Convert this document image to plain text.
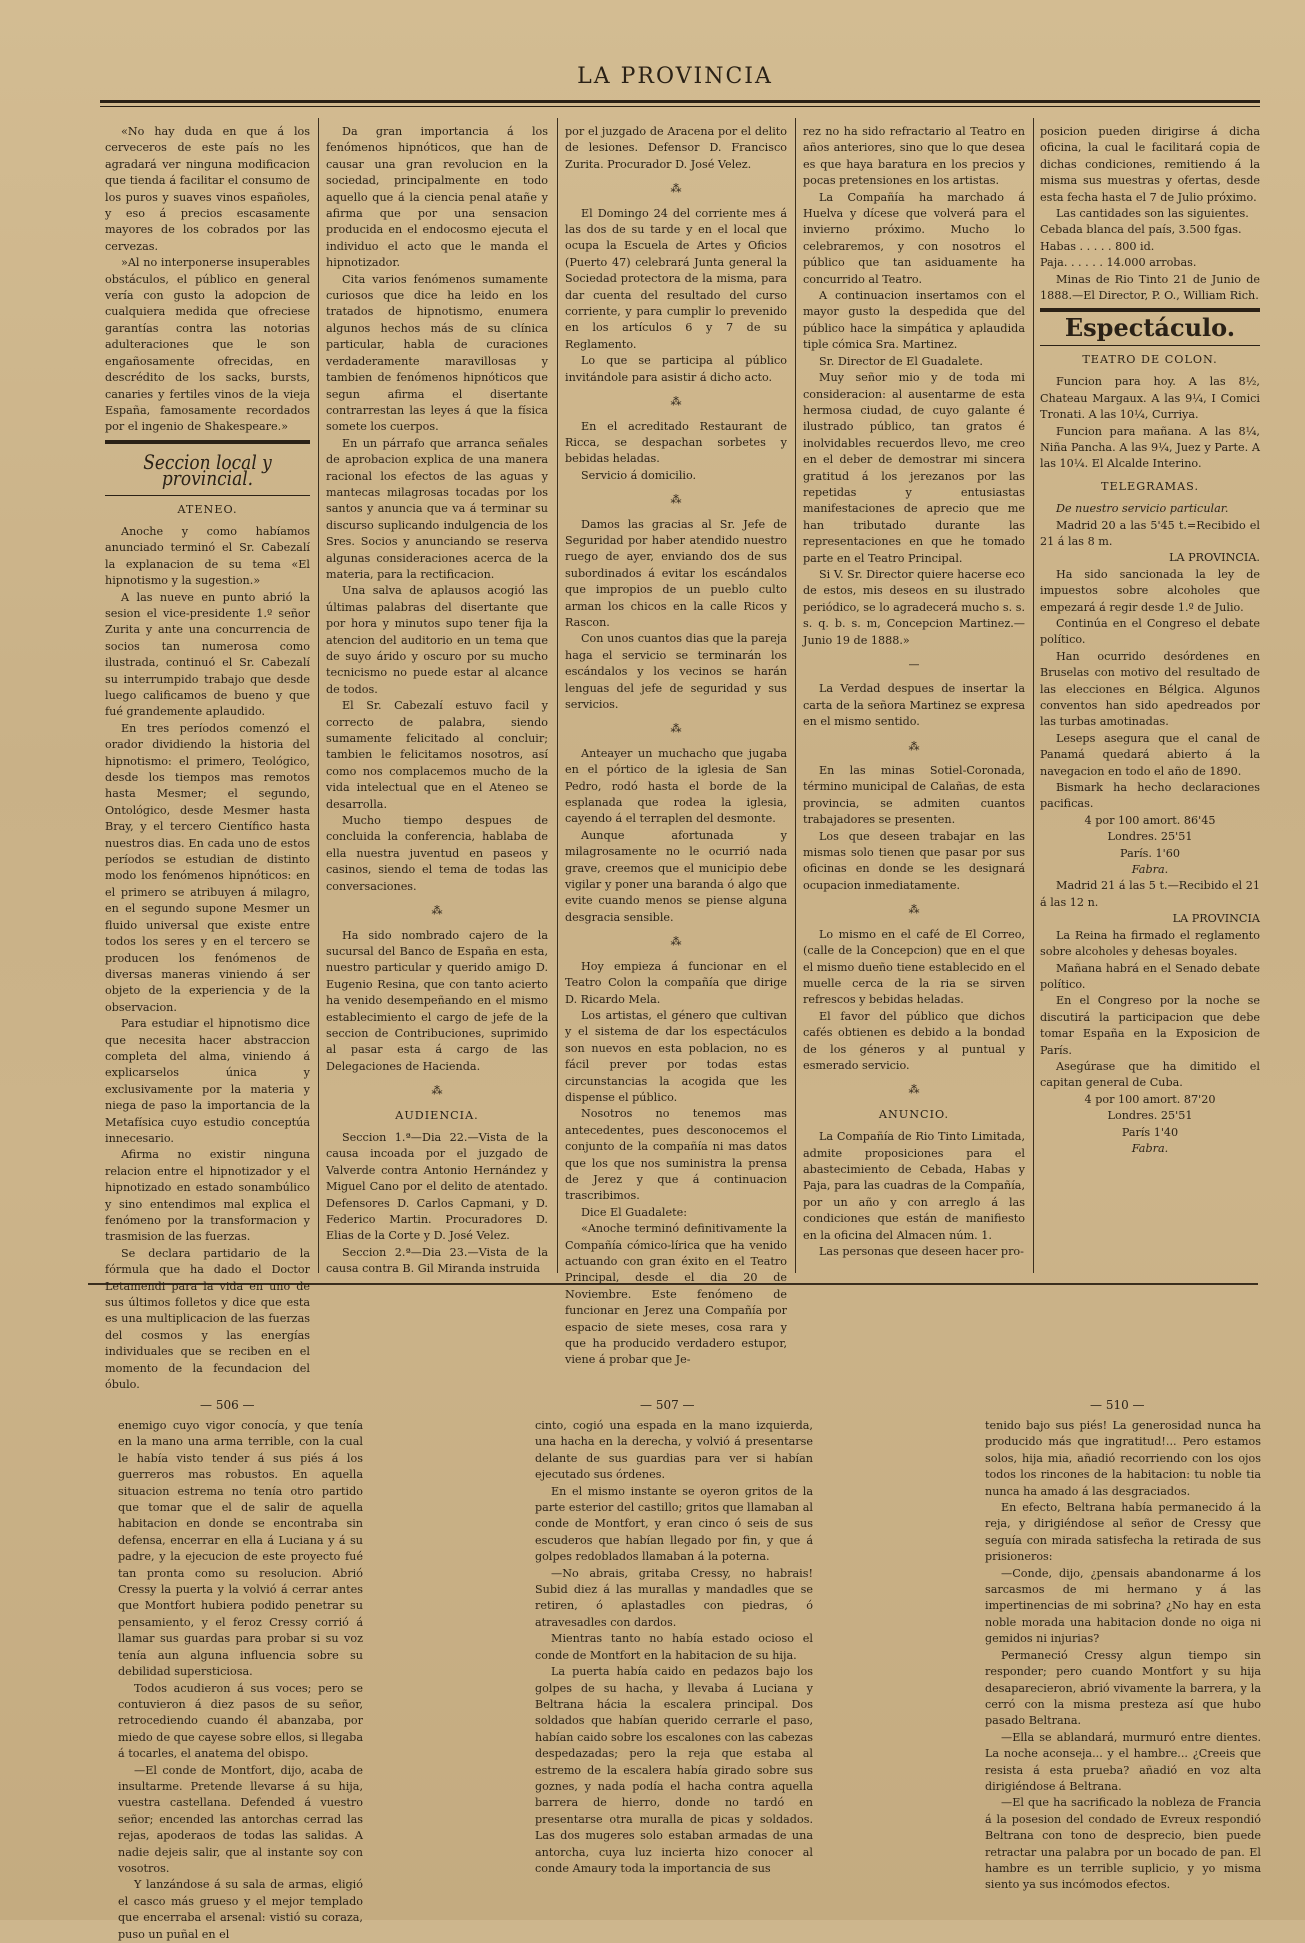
LA PROVINCIA

«No hay duda en que á los cerveceros de este país no les agradará ver ninguna modificacion que tienda á facilitar el consumo de los puros y suaves vinos españoles, y eso á precios escasamente mayores de los cobrados por las cervezas.

»Al no interponerse insuperables obstáculos, el público en general vería con gusto la adopcion de cualquiera medida que ofreciese garantías contra las notorias adulteraciones que le son engañosamente ofrecidas, en descrédito de los sacks, bursts, canaries y fertiles vinos de la vieja España, famosamente recordados por el ingenio de Shakespeare.»

Seccion local y provincial.

ATENEO.

Anoche y como habíamos anunciado terminó el Sr. Cabezalí la explanacion de su tema «El hipnotismo y la sugestion.»

A las nueve en punto abrió la sesion el vice-presidente 1.º señor Zurita y ante una concurrencia de socios tan numerosa como ilustrada, continuó el Sr. Cabezalí su interrumpido trabajo que desde luego calificamos de bueno y que fué grandemente aplaudido.

En tres períodos comenzó el orador dividiendo la historia del hipnotismo: el primero, Teológico, desde los tiempos mas remotos hasta Mesmer; el segundo, Ontológico, desde Mesmer hasta Bray, y el tercero Científico hasta nuestros dias. En cada uno de estos períodos se estudian de distinto modo los fenómenos hipnóticos: en el primero se atribuyen á milagro, en el segundo supone Mesmer un fluido universal que existe entre todos los seres y en el tercero se producen los fenómenos de diversas maneras viniendo á ser objeto de la experiencia y de la observacion.

Para estudiar el hipnotismo dice que necesita hacer abstraccion completa del alma, viniendo á explicarselos única y exclusivamente por la materia y niega de paso la importancia de la Metafísica cuyo estudio conceptúa innecesario.

Afirma no existir ninguna relacion entre el hipnotizador y el hipnotizado en estado sonambúlico y sino entendimos mal explica el fenómeno por la transformacion y trasmision de las fuerzas.

Se declara partidario de la fórmula que ha dado el Doctor Letamendi para la vida en uno de sus últimos folletos y dice que esta es una multiplicacion de las fuerzas del cosmos y las energías individuales que se reciben en el momento de la fecundacion del óbulo.

Da gran importancia á los fenómenos hipnóticos, que han de causar una gran revolucion en la sociedad, principalmente en todo aquello que á la ciencia penal atañe y afirma que por una sensacion producida en el endocosmo ejecuta el individuo el acto que le manda el hipnotizador.

Cita varios fenómenos sumamente curiosos que dice ha leido en los tratados de hipnotismo, enumera algunos hechos más de su clínica particular, habla de curaciones verdaderamente maravillosas y tambien de fenómenos hipnóticos que segun afirma el disertante contrarrestan las leyes á que la física somete los cuerpos.

En un párrafo que arranca señales de aprobacion explica de una manera racional los efectos de las aguas y mantecas milagrosas tocadas por los santos y anuncia que va á terminar su discurso suplicando indulgencia de los Sres. Socios y anunciando se reserva algunas consideraciones acerca de la materia, para la rectificacion.

Una salva de aplausos acogió las últimas palabras del disertante que por hora y minutos supo tener fija la atencion del auditorio en un tema que de suyo árido y oscuro por su mucho tecnicismo no puede estar al alcance de todos.

El Sr. Cabezalí estuvo facil y correcto de palabra, siendo sumamente felicitado al concluir; tambien le felicitamos nosotros, así como nos complacemos mucho de la vida intelectual que en el Ateneo se desarrolla.

Mucho tiempo despues de concluida la conferencia, hablaba de ella nuestra juventud en paseos y casinos, siendo el tema de todas las conversaciones.

⁂

Ha sido nombrado cajero de la sucursal del Banco de España en esta, nuestro particular y querido amigo D. Eugenio Resina, que con tanto acierto ha venido desempeñando en el mismo establecimiento el cargo de jefe de la seccion de Contribuciones, suprimido al pasar esta á cargo de las Delegaciones de Hacienda.

⁂

AUDIENCIA.

Seccion 1.ª—Dia 22.—Vista de la causa incoada por el juzgado de Valverde contra Antonio Hernández y Miguel Cano por el delito de atentado. Defensores D. Carlos Capmani, y D. Federico Martin. Procuradores D. Elias de la Corte y D. José Velez.

Seccion 2.ª—Dia 23.—Vista de la causa contra B. Gil Miranda instruida

por el juzgado de Aracena por el delito de lesiones. Defensor D. Francisco Zurita. Procurador D. José Velez.

⁂

El Domingo 24 del corriente mes á las dos de su tarde y en el local que ocupa la Escuela de Artes y Oficios (Puerto 47) celebrará Junta general la Sociedad protectora de la misma, para dar cuenta del resultado del curso corriente, y para cumplir lo prevenido en los artículos 6 y 7 de su Reglamento.

Lo que se participa al público invitándole para asistir á dicho acto.

⁂

En el acreditado Restaurant de Ricca, se despachan sorbetes y bebidas heladas.

Servicio á domicilio.

⁂

Damos las gracias al Sr. Jefe de Seguridad por haber atendido nuestro ruego de ayer, enviando dos de sus subordinados á evitar los escándalos que impropios de un pueblo culto arman los chicos en la calle Ricos y Rascon.

Con unos cuantos dias que la pareja haga el servicio se terminarán los escándalos y los vecinos se harán lenguas del jefe de seguridad y sus servicios.

⁂

Anteayer un muchacho que jugaba en el pórtico de la iglesia de San Pedro, rodó hasta el borde de la esplanada que rodea la iglesia, cayendo á el terraplen del desmonte.

Aunque afortunada y milagrosamente no le ocurrió nada grave, creemos que el municipio debe vigilar y poner una baranda ó algo que evite cuando menos se piense alguna desgracia sensible.

⁂

Hoy empieza á funcionar en el Teatro Colon la compañía que dirige D. Ricardo Mela.

Los artistas, el género que cultivan y el sistema de dar los espectáculos son nuevos en esta poblacion, no es fácil prever por todas estas circunstancias la acogida que les dispense el público.

Nosotros no tenemos mas antecedentes, pues desconocemos el conjunto de la compañía ni mas datos que los que nos suministra la prensa de Jerez y que á continuacion trascribimos.

Dice El Guadalete:

«Anoche terminó definitivamente la Compañía cómico-lírica que ha venido actuando con gran éxito en el Teatro Principal, desde el dia 20 de Noviembre. Este fenómeno de funcionar en Jerez una Compañía por espacio de siete meses, cosa rara y que ha producido verdadero estupor, viene á probar que Je-

rez no ha sido refractario al Teatro en años anteriores, sino que lo que desea es que haya baratura en los precios y pocas pretensiones en los artistas.

La Compañía ha marchado á Huelva y dícese que volverá para el invierno próximo. Mucho lo celebraremos, y con nosotros el público que tan asiduamente ha concurrido al Teatro.

A continuacion insertamos con el mayor gusto la despedida que del público hace la simpática y aplaudida tiple cómica Sra. Martinez.

Sr. Director de El Guadalete.

Muy señor mio y de toda mi consideracion: al ausentarme de esta hermosa ciudad, de cuyo galante é ilustrado público, tan gratos é inolvidables recuerdos llevo, me creo en el deber de demostrar mi sincera gratitud á los jerezanos por las repetidas y entusiastas manifestaciones de aprecio que me han tributado durante las representaciones en que he tomado parte en el Teatro Principal.

Si V. Sr. Director quiere hacerse eco de estos, mis deseos en su ilustrado periódico, se lo agradecerá mucho s. s. s. q. b. s. m, Concepcion Martinez.—Junio 19 de 1888.»

—

La Verdad despues de insertar la carta de la señora Martinez se expresa en el mismo sentido.

⁂

En las minas Sotiel-Coronada, término municipal de Calañas, de esta provincia, se admiten cuantos trabajadores se presenten.

Los que deseen trabajar en las mismas solo tienen que pasar por sus oficinas en donde se les designará ocupacion inmediatamente.

⁂

Lo mismo en el café de El Correo, (calle de la Concepcion) que en el que el mismo dueño tiene establecido en el muelle cerca de la ria se sirven refrescos y bebidas heladas.

El favor del público que dichos cafés obtienen es debido a la bondad de los géneros y al puntual y esmerado servicio.

⁂

ANUNCIO.

La Compañía de Rio Tinto Limitada, admite proposiciones para el abastecimiento de Cebada, Habas y Paja, para las cuadras de la Compañía, por un año y con arreglo á las condiciones que están de manifiesto en la oficina del Almacen núm. 1.

Las personas que deseen hacer pro-

posicion pueden dirigirse á dicha oficina, la cual le facilitará copia de dichas condiciones, remitiendo á la misma sus muestras y ofertas, desde esta fecha hasta el 7 de Julio próximo.

Las cantidades son las siguientes.

Cebada blanca del país, 3.500 fgas.

Habas . . . . . 800 id.

Paja. . . . . . 14.000 arrobas.

Minas de Rio Tinto 21 de Junio de 1888.—El Director, P. O., William Rich.

Espectáculo.

TEATRO DE COLON.

Funcion para hoy. A las 8½, Chateau Margaux. A las 9¼, I Comici Tronati. A las 10¼, Curriya.

Funcion para mañana. A las 8¼, Niña Pancha. A las 9¼, Juez y Parte. A las 10¼. El Alcalde Interino.

TELEGRAMAS.

De nuestro servicio particular.

Madrid 20 a las 5'45 t.=Recibido el 21 á las 8 m.

LA PROVINCIA.

Ha sido sancionada la ley de impuestos sobre alcoholes que empezará á regir desde 1.º de Julio.

Continúa en el Congreso el debate político.

Han ocurrido desórdenes en Bruselas con motivo del resultado de las elecciones en Bélgica. Algunos conventos han sido apedreados por las turbas amotinadas.

Leseps asegura que el canal de Panamá quedará abierto á la navegacion en todo el año de 1890.

Bismark ha hecho declaraciones pacificas.

4 por 100 amort. 86'45

Londres. 25'51

París. 1'60

Fabra.

Madrid 21 á las 5 t.—Recibido el 21 á las 12 n.

LA PROVINCIA

La Reina ha firmado el reglamento sobre alcoholes y dehesas boyales.

Mañana habrá en el Senado debate político.

En el Congreso por la noche se discutirá la participacion que debe tomar España en la Exposicion de París.

Asegúrase que ha dimitido el capitan general de Cuba.

4 por 100 amort. 87'20

Londres. 25'51

París 1'40

Fabra.

— 506 —	— 507 —	— 510 —

enemigo cuyo vigor conocía, y que tenía en la mano una arma terrible, con la cual le había visto tender á sus piés á los guerreros mas robustos. En aquella situacion estrema no tenía otro partido que tomar que el de salir de aquella habitacion en donde se encontraba sin defensa, encerrar en ella á Luciana y á su padre, y la ejecucion de este proyecto fué tan pronta como su resolucion. Abrió Cressy la puerta y la volvió á cerrar antes que Montfort hubiera podido penetrar su pensamiento, y el feroz Cressy corrió á llamar sus guardas para probar si su voz tenía aun alguna influencia sobre su debilidad supersticiosa.

Todos acudieron á sus voces; pero se contuvieron á diez pasos de su señor, retrocediendo cuando él abanzaba, por miedo de que cayese sobre ellos, si llegaba á tocarles, el anatema del obispo.

—El conde de Montfort, dijo, acaba de insultarme. Pretende llevarse á su hija, vuestra castellana. Defended á vuestro señor; encended las antorchas cerrad las rejas, apoderaos de todas las salidas. A nadie dejeis salir, que al instante soy con vosotros.

Y lanzándose á su sala de armas, eligió el casco más grueso y el mejor templado que encerraba el arsenal: vistió su coraza, puso un puñal en el

cinto, cogió una espada en la mano izquierda, una hacha en la derecha, y volvió á presentarse delante de sus guardias para ver si habían ejecutado sus órdenes.

En el mismo instante se oyeron gritos de la parte esterior del castillo; gritos que llamaban al conde de Montfort, y eran cinco ó seis de sus escuderos que habían llegado por fin, y que á golpes redoblados llamaban á la poterna.

—No abrais, gritaba Cressy, no habrais! Subid diez á las murallas y mandadles que se retiren, ó aplastadles con piedras, ó atravesadles con dardos.

Mientras tanto no había estado ocioso el conde de Montfort en la habitacion de su hija.

La puerta había caido en pedazos bajo los golpes de su hacha, y llevaba á Luciana y Beltrana hácia la escalera principal. Dos soldados que habían querido cerrarle el paso, habían caido sobre los escalones con las cabezas despedazadas; pero la reja que estaba al estremo de la escalera había girado sobre sus goznes, y nada podía el hacha contra aquella barrera de hierro, donde no tardó en presentarse otra muralla de picas y soldados. Las dos mugeres solo estaban armadas de una antorcha, cuya luz incierta hizo conocer al conde Amaury toda la importancia de sus

tenido bajo sus piés! La generosidad nunca ha producido más que ingratitud!... Pero estamos solos, hija mia, añadió recorriendo con los ojos todos los rincones de la habitacion: tu noble tia nunca ha amado á las desgraciados.

En efecto, Beltrana había permanecido á la reja, y dirigiéndose al señor de Cressy que seguía con mirada satisfecha la retirada de sus prisioneros:

—Conde, dijo, ¿pensais abandonarme á los sarcasmos de mi hermano y á las impertinencias de mi sobrina? ¿No hay en esta noble morada una habitacion donde no oiga ni gemidos ni injurias?

Permaneció Cressy algun tiempo sin responder; pero cuando Montfort y su hija desaparecieron, abrió vivamente la barrera, y la cerró con la misma presteza así que hubo pasado Beltrana.

—Ella se ablandará, murmuró entre dientes. La noche aconseja... y el hambre... ¿Creeis que resista á esta prueba? añadió en voz alta dirigiéndose á Beltrana.

—El que ha sacrificado la nobleza de Francia á la posesion del condado de Evreux respondió Beltrana con tono de desprecio, bien puede retractar una palabra por un bocado de pan. El hambre es un terrible suplicio, y yo misma siento ya sus incómodos efectos.
